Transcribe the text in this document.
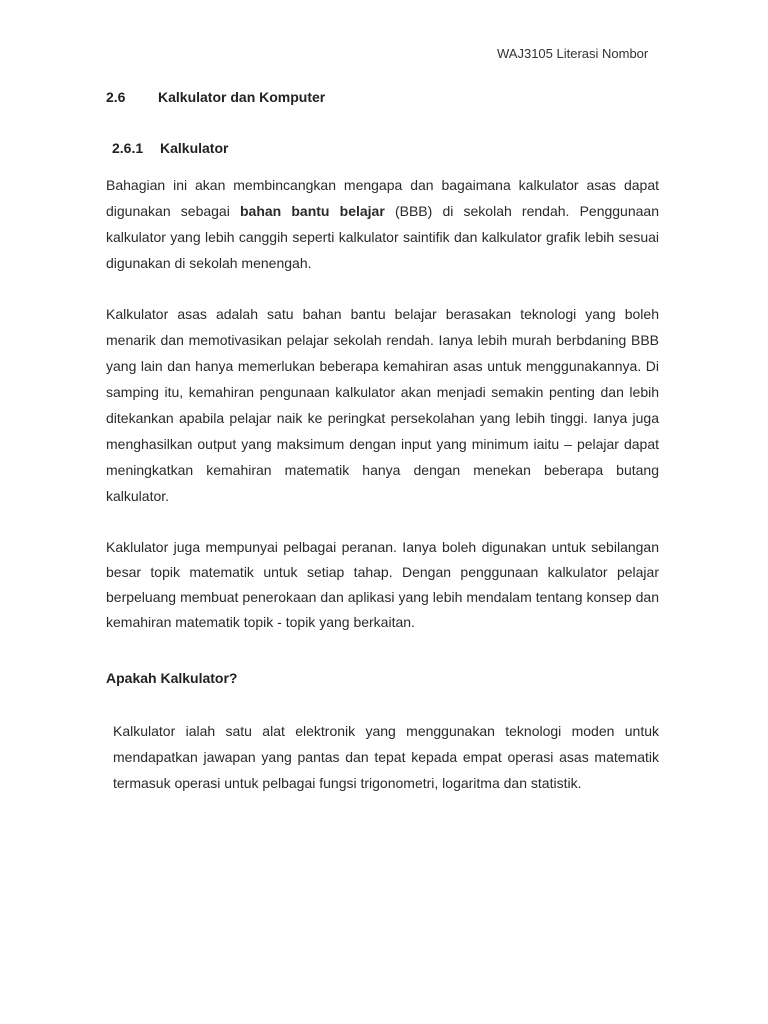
WAJ3105 Literasi Nombor
2.6 Kalkulator dan Komputer
2.6.1 Kalkulator
Bahagian ini akan membincangkan mengapa dan bagaimana kalkulator asas dapat digunakan sebagai bahan bantu belajar (BBB) di sekolah rendah. Penggunaan kalkulator yang lebih canggih seperti kalkulator saintifik dan kalkulator grafik lebih sesuai digunakan di sekolah menengah.
Kalkulator asas adalah satu bahan bantu belajar berasakan teknologi yang boleh menarik dan memotivasikan pelajar sekolah rendah. Ianya lebih murah berbdaning BBB yang lain dan hanya memerlukan beberapa kemahiran asas untuk menggunakannya. Di samping itu, kemahiran pengunaan kalkulator akan menjadi semakin penting dan lebih ditekankan apabila pelajar naik ke peringkat persekolahan yang lebih tinggi. Ianya juga menghasilkan output yang maksimum dengan input yang minimum iaitu – pelajar dapat meningkatkan kemahiran matematik hanya dengan menekan beberapa butang kalkulator.
Kaklulator juga mempunyai pelbagai peranan. Ianya boleh digunakan untuk sebilangan besar topik matematik untuk setiap tahap. Dengan penggunaan kalkulator pelajar berpeluang membuat penerokaan dan aplikasi yang lebih mendalam tentang konsep dan kemahiran matematik topik - topik yang berkaitan.
Apakah Kalkulator?
Kalkulator ialah satu alat elektronik yang menggunakan teknologi moden untuk mendapatkan jawapan yang pantas dan tepat kepada empat operasi asas matematik termasuk operasi untuk pelbagai fungsi trigonometri, logaritma dan statistik.
